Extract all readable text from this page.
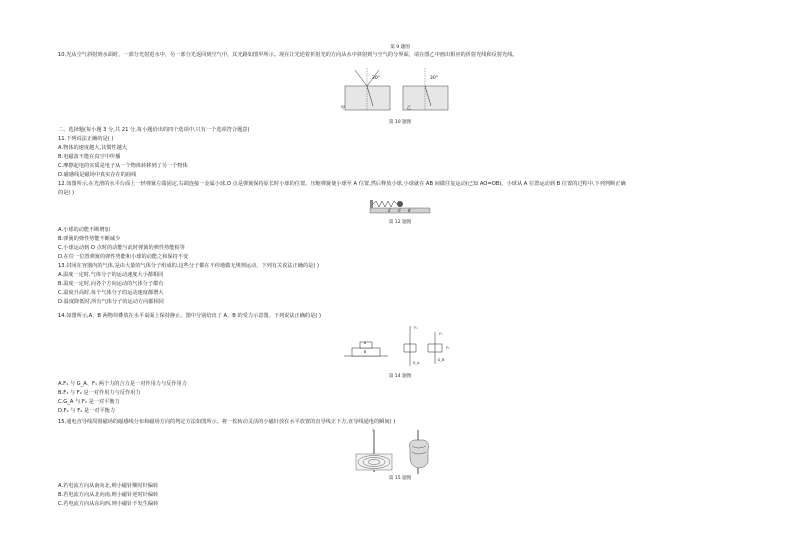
第 9 题图
10.光从空气斜射到水面时，一部分光射进水中，另一部分光返回到空气中，其光路如图甲所示。现在让光逆着折射光的方向从水中斜射到与空气的分界面，请在图乙中画出相应的折射光线和反射光线。
甲	乙
30°	30°
第 10 题图
二、选择题(每小题 3 分,共 21 分,每小题给出的四个选项中,只有一个选项符合题意)
11.下列说法正确的是( )
A.物体的速度越大,其惯性越大
B.电磁波不能在真空中传播
C.摩擦起电的实质是电子从一个物体转移到了另一个物体
D.磁感线是磁场中真实存在的曲线
12.如图所示,在光滑的水平台面上一轻弹簧左端固定,右端连接一金属小球,O 点是弹簧保持原长时小球的位置。压缩弹簧使小球至 A 位置,然后释放小球,小球就在 AB 间做往复运动(已知 AO=OB)。小球从 A 位置运动到 B 位置的过程中,下列判断正确
的是( )
A	O	B
第 12 题图
A.小球的动能不断增加
B.弹簧的弹性势能不断减少
C.小球运动到 O 点时的动能与此时弹簧的弹性势能相等
D.在任一位置弹簧的弹性势能和小球的动能之和保持不变
13.封闭在容器内的气体,是由大量的气体分子组成的,这些分子都在不停地做无规则运动。下列有关说法正确的是( )
A.温度一定时,气体分子的运动速度大小都相同
B.温度一定时,向各个方向运动的气体分子都有
C.温度升高时,每个气体分子的运动速度都增大
D.温度降低时,所有气体分子的运动方向都相同
14.如图所示,A、B 两物块叠放在水平桌面上保持静止。图中分别给出了 A、B 的受力示意图。下列说法正确的是( )
A
B
F₁
G_A
F₂
G_B
F₃
第 14 题图
A.F₁ 与 G_A、F₁ 两个力的合力是一对作用力与反作用力
B.F₁ 与 F₂ 是一对作用力与反作用力
C.G_A 与 F₂ 是一对平衡力
D.F₂ 与 F₁ 是一对平衡力
15.通电直导线周围磁场的磁感线分布和磁场方向的判定方法如图所示。将一枚转动灵活的小磁针放在水平放置的直导线正下方,直导线通电的瞬间( )
I
第 15 题图
A.若电流方向从南向北,则小磁针顺时针偏转
B.若电流方向从北向南,则小磁针逆时针偏转
C.若电流方向从东向西,则小磁针不发生偏转
